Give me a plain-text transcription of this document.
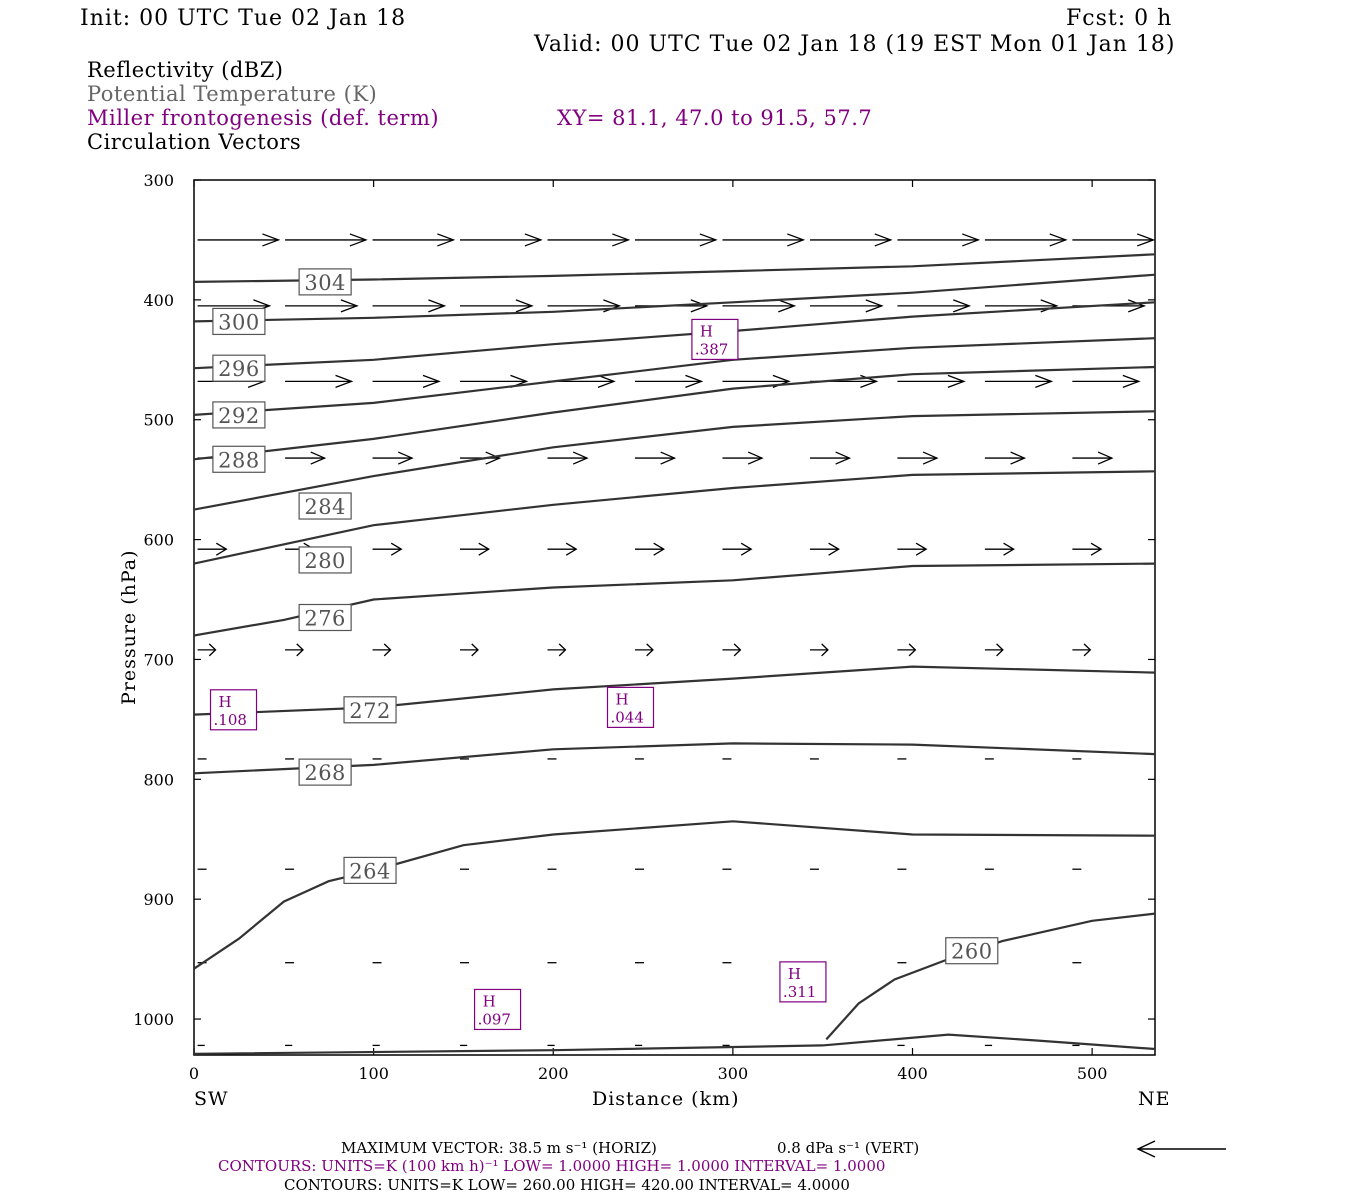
Init: 00 UTC Tue 02 Jan 18	Fcst: 0 h
Valid: 00 UTC Tue 02 Jan 18 (19 EST Mon 01 Jan 18)
Reflectivity (dBZ)
Potential Temperature (K)
Miller frontogenesis (def. term)	XY= 81.1, 47.0 to 91.5, 57.7
Circulation Vectors
300
400
500
600
700
800
900
1000
0	100	200	300	400	500
304
300
296
292
288
284
280
276
272
268
264
260
H
.387
H
.108
H
.044
H
.311
H
.097
Distance (km)
SW	NE
Pressure (hPa)
MAXIMUM VECTOR: 38.5 m s⁻¹ (HORIZ)	0.8 dPa s⁻¹ (VERT)
CONTOURS: UNITS=K (100 km h)⁻¹ LOW= 1.0000 HIGH= 1.0000 INTERVAL= 1.0000
CONTOURS: UNITS=K LOW= 260.00 HIGH= 420.00 INTERVAL= 4.0000
